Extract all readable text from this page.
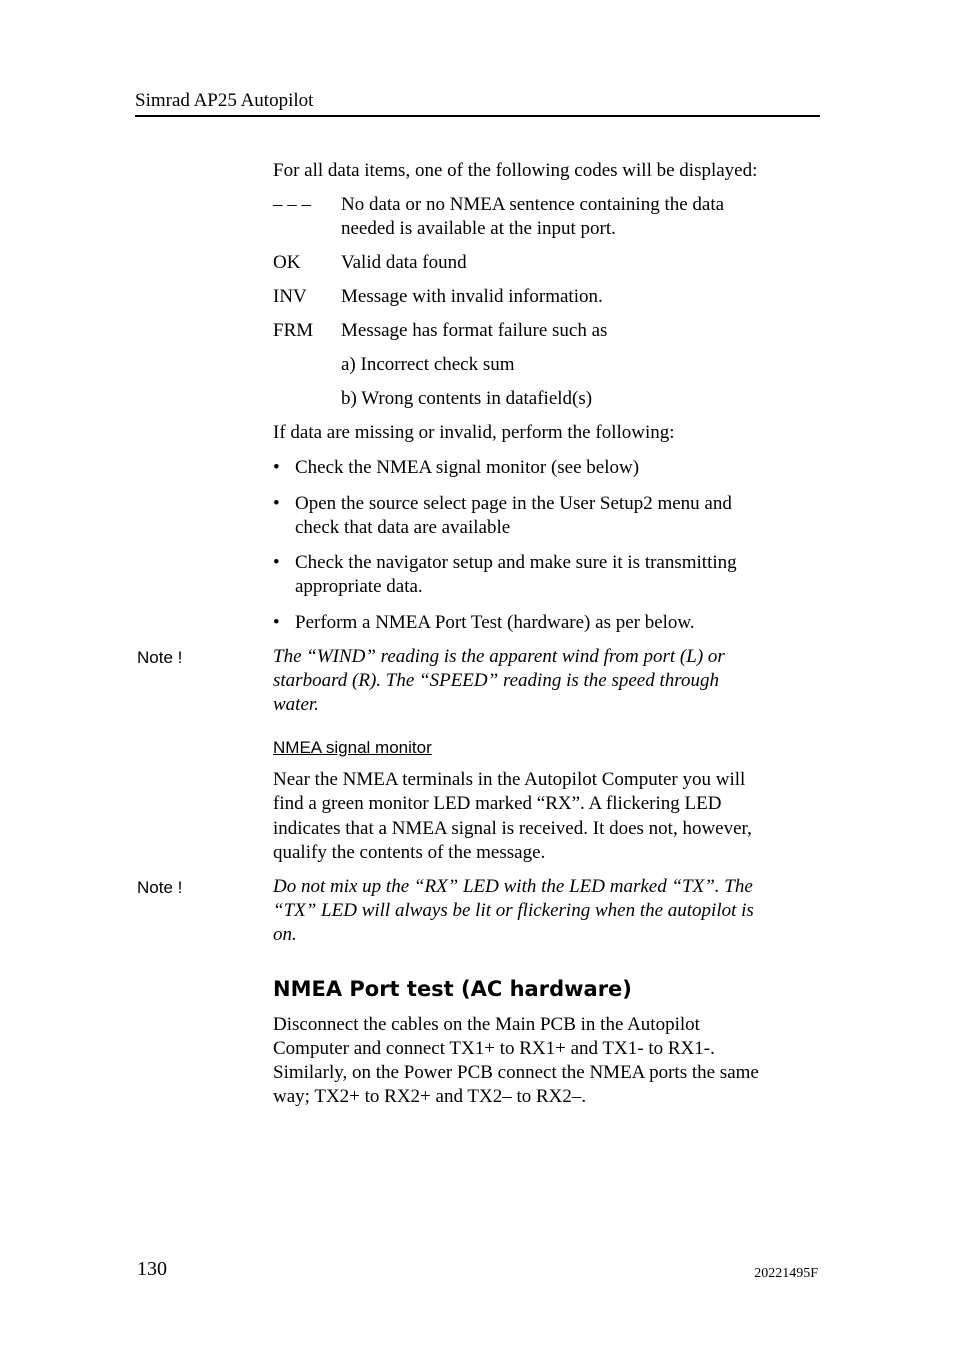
Simrad AP25 Autopilot
For all data items, one of the following codes will be displayed:
– – –	No data or no NMEA sentence containing the data
needed is available at the input port.
OK	Valid data found
INV	Message with invalid information.
FRM	Message has format failure such as
a) Incorrect check sum
b) Wrong contents in datafield(s)
If data are missing or invalid, perform the following:
• Check the NMEA signal monitor (see below)
• Open the source select page in the User Setup2 menu and
check that data are available
• Check the navigator setup and make sure it is transmitting
appropriate data.
• Perform a NMEA Port Test (hardware) as per below.
Note !	The “WIND” reading is the apparent wind from port (L) or
starboard (R). The “SPEED” reading is the speed through
water.
NMEA signal monitor
Near the NMEA terminals in the Autopilot Computer you will
find a green monitor LED marked “RX”. A flickering LED
indicates that a NMEA signal is received. It does not, however,
qualify the contents of the message.
Note !	Do not mix up the “RX” LED with the LED marked “TX”. The
“TX” LED will always be lit or flickering when the autopilot is
on.
NMEA Port test (AC hardware)
Disconnect the cables on the Main PCB in the Autopilot
Computer and connect TX1+ to RX1+ and TX1- to RX1-.
Similarly, on the Power PCB connect the NMEA ports the same
way; TX2+ to RX2+ and TX2– to RX2–.
130	20221495F
